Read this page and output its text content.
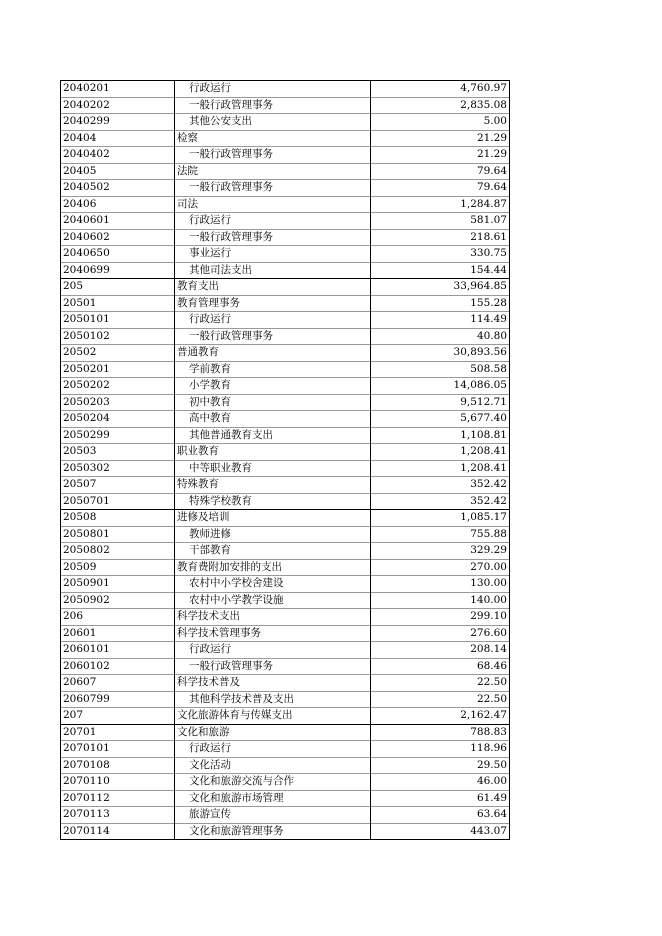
2040201	行政运行	4,760.97
2040202	一般行政管理事务	2,835.08
2040299	其他公安支出	5.00
20404	检察	21.29
2040402	一般行政管理事务	21.29
20405	法院	79.64
2040502	一般行政管理事务	79.64
20406	司法	1,284.87
2040601	行政运行	581.07
2040602	一般行政管理事务	218.61
2040650	事业运行	330.75
2040699	其他司法支出	154.44
205	教育支出	33,964.85
20501	教育管理事务	155.28
2050101	行政运行	114.49
2050102	一般行政管理事务	40.80
20502	普通教育	30,893.56
2050201	学前教育	508.58
2050202	小学教育	14,086.05
2050203	初中教育	9,512.71
2050204	高中教育	5,677.40
2050299	其他普通教育支出	1,108.81
20503	职业教育	1,208.41
2050302	中等职业教育	1,208.41
20507	特殊教育	352.42
2050701	特殊学校教育	352.42
20508	进修及培训	1,085.17
2050801	教师进修	755.88
2050802	干部教育	329.29
20509	教育费附加安排的支出	270.00
2050901	农村中小学校舍建设	130.00
2050902	农村中小学教学设施	140.00
206	科学技术支出	299.10
20601	科学技术管理事务	276.60
2060101	行政运行	208.14
2060102	一般行政管理事务	68.46
20607	科学技术普及	22.50
2060799	其他科学技术普及支出	22.50
207	文化旅游体育与传媒支出	2,162.47
20701	文化和旅游	788.83
2070101	行政运行	118.96
2070108	文化活动	29.50
2070110	文化和旅游交流与合作	46.00
2070112	文化和旅游市场管理	61.49
2070113	旅游宣传	63.64
2070114	文化和旅游管理事务	443.07
